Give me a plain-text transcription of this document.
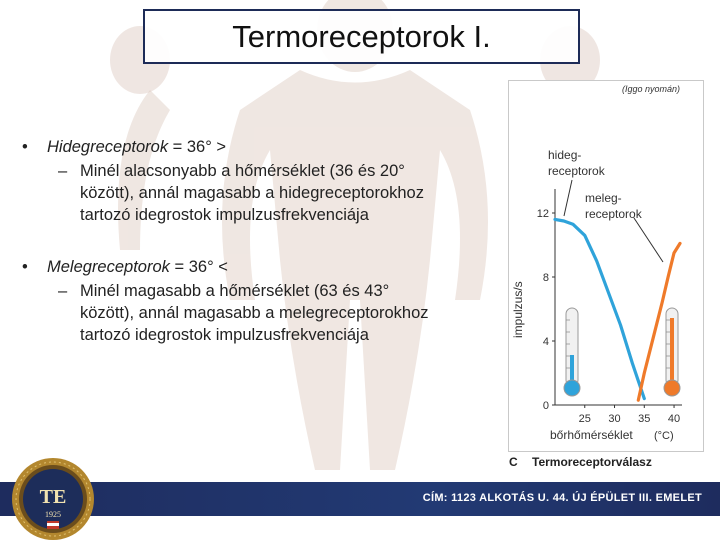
Termoreceptorok I.
• Hidegreceptorok = 36° >
– Minél alacsonyabb a hőmérséklet (36 és 20°
között), annál magasabb a hidegreceptorokhoz
tartozó idegrostok impulzusfrekvenciája
• Melegreceptorok = 36° <
– Minél magasabb a hőmérséklet (63 és 43°
között), annál magasabb a melegreceptorokhoz
tartozó idegrostok impulzusfrekvenciája
(Iggo nyomán)
hideg-
receptorok
meleg-
receptorok
impulzus/s
0
4
8
12
25 30 35 40
bőrhőmérséklet (°C)
C Termoreceptorválasz
CÍM: 1123 ALKOTÁS U. 44. ÚJ ÉPÜLET III. EMELET
TE
1925
